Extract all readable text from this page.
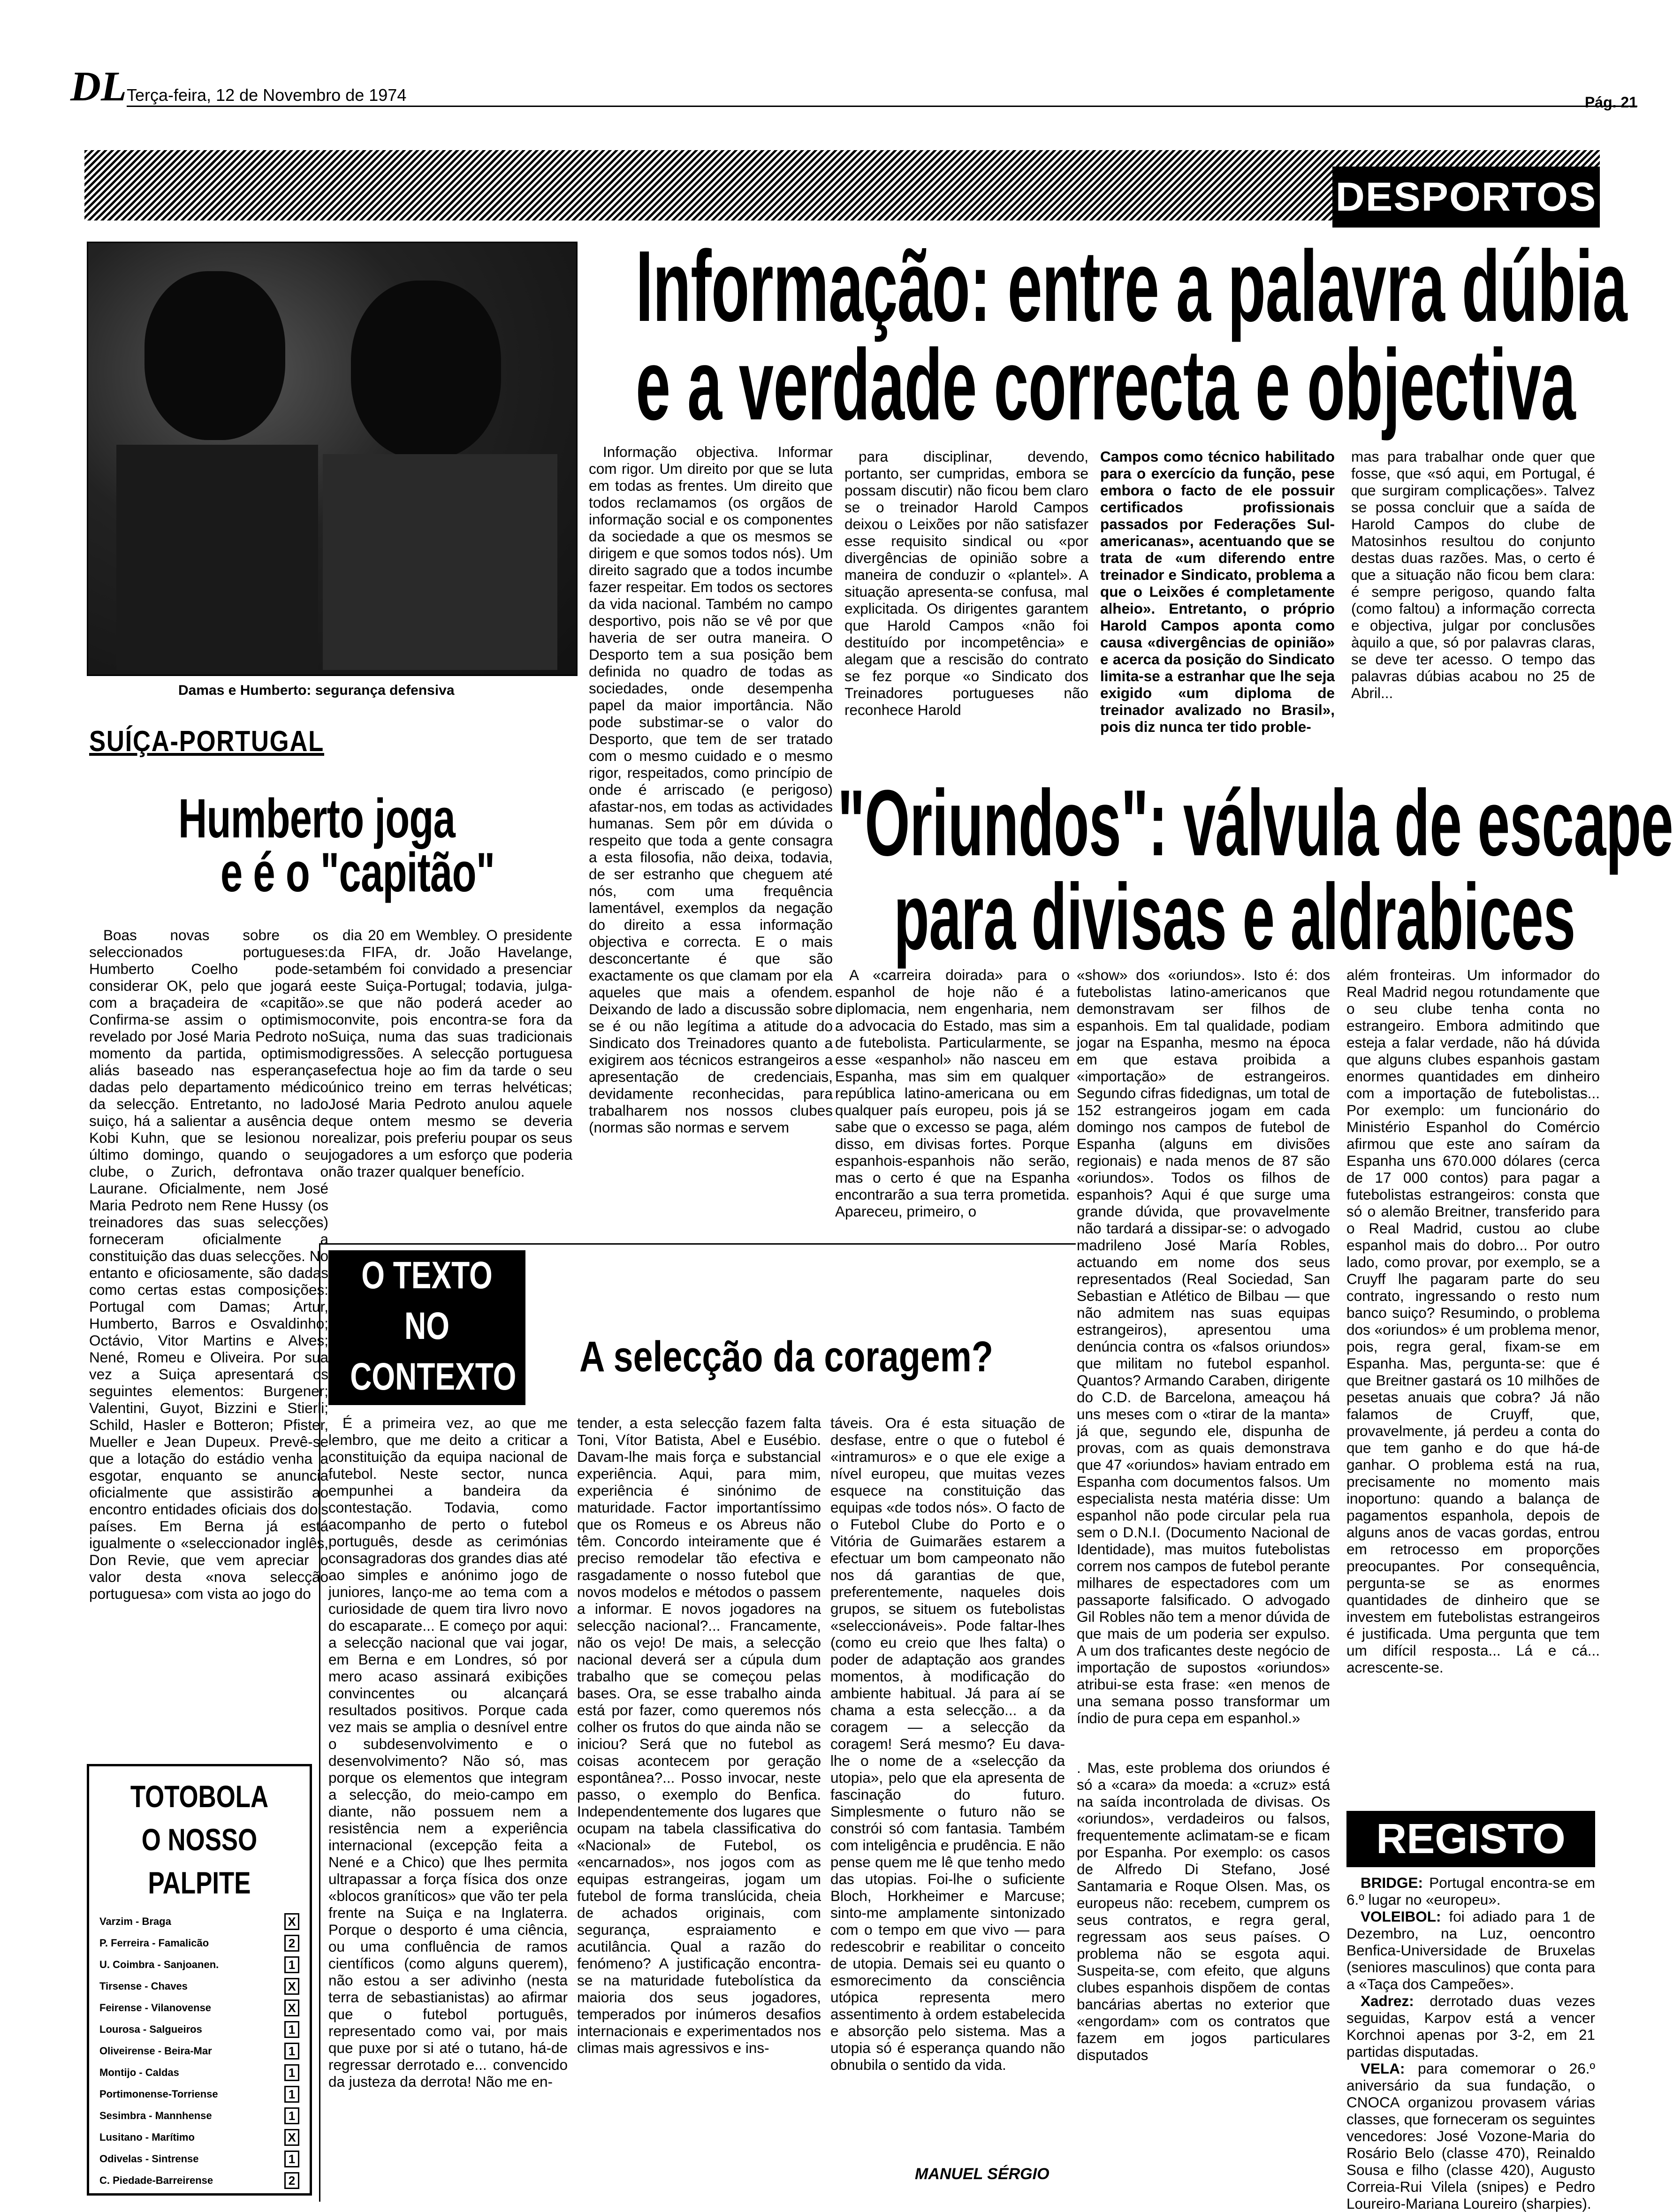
DL Terça-feira, 12 de Novembro de 1974	Pág. 21
DESPORTOS
Damas e Humberto: segurança defensiva
Informação: entre a palavra dúbia
e a verdade correcta e objectiva
Informação objectiva. Informar com rigor. Um direito por que se luta em todas as frentes. Um direito que todos reclamamos (os orgãos de informação social e os componentes da sociedade a que os mesmos se dirigem e que somos todos nós). Um direito sagrado que a todos incumbe fazer respeitar. Em todos os sectores da vida nacional. Também no campo desportivo, pois não se vê por que haveria de ser outra maneira. O Desporto tem a sua posição bem definida no quadro de todas as sociedades, onde desempenha papel da maior importância. Não pode substimar-se o valor do Desporto, que tem de ser tratado com o mesmo cuidado e o mesmo rigor, respeitados, como princípio de onde é arriscado (e perigoso) afastar-nos, em todas as actividades humanas. Sem pôr em dúvida o respeito que toda a gente consagra a esta filosofia, não deixa, todavia, de ser estranho que cheguem até nós, com uma frequência lamentável, exemplos da negação do direito a essa informação objectiva e correcta. E o mais desconcertante é que são exactamente os que clamam por ela aqueles que mais a ofendem. Deixando de lado a discussão sobre se é ou não legítima a atitude do Sindicato dos Treinadores quanto a exigirem aos técnicos estrangeiros a apresentação de credenciais, devidamente reconhecidas, para trabalharem nos nossos clubes (normas são normas e servem
para disciplinar, devendo, portanto, ser cumpridas, embora se possam discutir) não ficou bem claro se o treinador Harold Campos deixou o Leixões por não satisfazer esse requisito sindical ou «por divergências de opinião sobre a maneira de conduzir o «plantel». A situação apresenta-se confusa, mal explicitada. Os dirigentes garantem que Harold Campos «não foi destituído por incompetência» e alegam que a rescisão do contrato se fez porque «o Sindicato dos Treinadores portugueses não reconhece Harold
Campos como técnico habilitado para o exercício da função, pese embora o facto de ele possuir certificados profissionais passados por Federações Sul-americanas», acentuando que se trata de «um diferendo entre treinador e Sindicato, problema a que o Leixões é completamente alheio». Entretanto, o próprio Harold Campos aponta como causa «divergências de opinião» e acerca da posição do Sindicato limita-se a estranhar que lhe seja exigido «um diploma de treinador avalizado no Brasil», pois diz nunca ter tido proble-
mas para trabalhar onde quer que fosse, que «só aqui, em Portugal, é que surgiram complicações». Talvez se possa concluir que a saída de Harold Campos do clube de Matosinhos resultou do conjunto destas duas razões. Mas, o certo é que a situação não ficou bem clara: é sempre perigoso, quando falta (como faltou) a informação correcta e objectiva, julgar por conclusões àquilo a que, só por palavras claras, se deve ter acesso. O tempo das palavras dúbias acabou no 25 de Abril...
SUÍÇA-PORTUGAL
Humberto joga
e é o "capitão"
Boas novas sobre os seleccionados portugueses: Humberto Coelho pode-se considerar OK, pelo que jogará e com a braçadeira de «capitão». Confirma-se assim o optimismo revelado por José Maria Pedroto no momento da partida, optimismo aliás baseado nas esperanças dadas pelo departamento médico da selecção. Entretanto, no lado suiço, há a salientar a ausência de Kobi Kuhn, que se lesionou no último domingo, quando o seu clube, o Zurich, defrontava o Laurane. Oficialmente, nem José Maria Pedroto nem Rene Hussy (os treinadores das suas selecções) forneceram oficialmente a constituição das duas selecções. No entanto e oficiosamente, são dadas como certas estas composições: Portugal com Damas; Artur, Humberto, Barros e Osvaldinho; Octávio, Vitor Martins e Alves; Nené, Romeu e Oliveira. Por sua vez a Suiça apresentará os seguintes elementos: Burgener; Valentini, Guyot, Bizzini e Stierli; Schild, Hasler e Botteron; Pfister, Mueller e Jean Dupeux. Prevê-se que a lotação do estádio venha a esgotar, enquanto se anuncia oficialmente que assistirão ao encontro entidades oficiais dos dois países. Em Berna já está igualmente o «seleccionador inglês, Don Revie, que vem apreciar o valor desta «nova selecção portuguesa» com vista ao jogo do
dia 20 em Wembley. O presidente da FIFA, dr. João Havelange, também foi convidado a presenciar este Suiça-Portugal; todavia, julga-se que não poderá aceder ao convite, pois encontra-se fora da Suiça, numa das suas tradicionais digressões. A selecção portuguesa efectua hoje ao fim da tarde o seu único treino em terras helvéticas; José Maria Pedroto anulou aquele que ontem mesmo se deveria realizar, pois preferiu poupar os seus jogadores a um esforço que poderia não trazer qualquer benefício.
"Oriundos": válvula de escape
para divisas e aldrabices
A «carreira doirada» para o espanhol de hoje não é a diplomacia, nem engenharia, nem a advocacia do Estado, mas sim a de futebolista. Particularmente, se esse «espanhol» não nasceu em Espanha, mas sim em qualquer república latino-americana ou em qualquer país europeu, pois já se sabe que o excesso se paga, além disso, em divisas fortes. Porque espanhois-espanhois não serão, mas o certo é que na Espanha encontrarão a sua terra prometida. Apareceu, primeiro, o
«show» dos «oriundos». Isto é: dos futebolistas latino-americanos que demonstravam ser filhos de espanhois. Em tal qualidade, podiam jogar na Espanha, mesmo na época em que estava proibida a «importação» de estrangeiros. Segundo cifras fidedignas, um total de 152 estrangeiros jogam em cada domingo nos campos de futebol de Espanha (alguns em divisões regionais) e nada menos de 87 são «oriundos». Todos os filhos de espanhois? Aqui é que surge uma grande dúvida, que provavelmente não tardará a dissipar-se: o advogado madrileno José María Robles, actuando em nome dos seus representados (Real Sociedad, San Sebastian e Atlético de Bilbau — que não admitem nas suas equipas estrangeiros), apresentou uma denúncia contra os «falsos oriundos» que militam no futebol espanhol. Quantos? Armando Caraben, dirigente do C.D. de Barcelona, ameaçou há uns meses com o «tirar de la manta» já que, segundo ele, dispunha de provas, com as quais demonstrava que 47 «oriundos» haviam entrado em Espanha com documentos falsos. Um especialista nesta matéria disse: Um espanhol não pode circular pela rua sem o D.N.I. (Documento Nacional de Identidade), mas muitos futebolistas correm nos campos de futebol perante milhares de espectadores com um passaporte falsificado. O advogado Gil Robles não tem a menor dúvida de que mais de um poderia ser expulso. A um dos traficantes deste negócio de importação de supostos «oriundos» atribui-se esta frase: «en menos de una semana posso transformar um índio de pura cepa em espanhol.»
além fronteiras. Um informador do Real Madrid negou rotundamente que o seu clube tenha conta no estrangeiro. Embora admitindo que esteja a falar verdade, não há dúvida que alguns clubes espanhois gastam enormes quantidades em dinheiro com a importação de futebolistas... Por exemplo: um funcionário do Ministério Espanhol do Comércio afirmou que este ano saíram da Espanha uns 670.000 dólares (cerca de 17 000 contos) para pagar a futebolistas estrangeiros: consta que só o alemão Breitner, transferido para o Real Madrid, custou ao clube espanhol mais do dobro... Por outro lado, como provar, por exemplo, se a Cruyff lhe pagaram parte do seu contrato, ingressando o resto num banco suiço? Resumindo, o problema dos «oriundos» é um problema menor, pois, regra geral, fixam-se em Espanha. Mas, pergunta-se: que é que Breitner gastará os 10 milhões de pesetas anuais que cobra? Já não falamos de Cruyff, que, provavelmente, já perdeu a conta do que tem ganho e do que há-de ganhar. O problema está na rua, precisamente no momento mais inoportuno: quando a balança de pagamentos espanhola, depois de alguns anos de vacas gordas, entrou em retrocesso em proporções preocupantes. Por consequência, pergunta-se se as enormes quantidades de dinheiro que se investem em futebolistas estrangeiros é justificada. Uma pergunta que tem um difícil resposta... Lá e cá... acrescente-se.
. Mas, este problema dos oriundos é só a «cara» da moeda: a «cruz» está na saída incontrolada de divisas. Os «oriundos», verdadeiros ou falsos, frequentemente aclimatam-se e ficam por Espanha. Por exemplo: os casos de Alfredo Di Stefano, José Santamaria e Roque Olsen. Mas, os europeus não: recebem, cumprem os seus contratos, e regra geral, regressam aos seus países. O problema não se esgota aqui. Suspeita-se, com efeito, que alguns clubes espanhois dispõem de contas bancárias abertas no exterior que «engordam» com os contratos que fazem em jogos particulares disputados
O TEXTO
NO
CONTEXTO A selecção da coragem?
É a primeira vez, ao que me lembro, que me deito a criticar a constituição da equipa nacional de futebol. Neste sector, nunca empunhei a bandeira da contestação. Todavia, como acompanho de perto o futebol português, desde as cerimónias consagradoras dos grandes dias até ao simples e anónimo jogo de juniores, lanço-me ao tema com a curiosidade de quem tira livro novo do escaparate... E começo por aqui: a selecção nacional que vai jogar, em Berna e em Londres, só por mero acaso assinará exibições convincentes ou alcançará resultados positivos. Porque cada vez mais se amplia o desnível entre o subdesenvolvimento e o desenvolvimento? Não só, mas porque os elementos que integram a selecção, do meio-campo em diante, não possuem nem a resistência nem a experiência internacional (excepção feita a Nené e a Chico) que lhes permita ultrapassar a força física dos onze «blocos graníticos» que vão ter pela frente na Suiça e na Inglaterra. Porque o desporto é uma ciência, ou uma confluência de ramos científicos (como alguns querem), não estou a ser adivinho (nesta terra de sebastianistas) ao afirmar que o futebol português, representado como vai, por mais que puxe por si até o tutano, há-de regressar derrotado e... convencido da justeza da derrota! Não me en-
tender, a esta selecção fazem falta Toni, Vítor Batista, Abel e Eusébio. Davam-lhe mais força e substancial experiência. Aqui, para mim, experiência é sinónimo de maturidade. Factor importantíssimo que os Romeus e os Abreus não têm. Concordo inteiramente que é preciso remodelar tão efectiva e rasgadamente o nosso futebol que novos modelos e métodos o passem a informar. E novos jogadores na selecção nacional?... Francamente, não os vejo! De mais, a selecção nacional deverá ser a cúpula dum trabalho que se começou pelas bases. Ora, se esse trabalho ainda está por fazer, como queremos nós colher os frutos do que ainda não se iniciou? Será que no futebol as coisas acontecem por geração espontânea?... Posso invocar, neste passo, o exemplo do Benfica. Independentemente dos lugares que ocupam na tabela classificativa do «Nacional» de Futebol, os «encarnados», nos jogos com as equipas estrangeiras, jogam um futebol de forma translúcida, cheia de achados originais, com segurança, espraiamento e acutilância. Qual a razão do fenómeno? A justificação encontra-se na maturidade futebolística da maioria dos seus jogadores, temperados por inúmeros desafios internacionais e experimentados nos climas mais agressivos e ins-
táveis. Ora é esta situação de desfase, entre o que o futebol é «intramuros» e o que ele exige a nível europeu, que muitas vezes esquece na constituição das equipas «de todos nós». O facto de o Futebol Clube do Porto e o Vitória de Guimarães estarem a efectuar um bom campeonato não nos dá garantias de que, preferentemente, naqueles dois grupos, se situem os futebolistas «seleccionáveis». Pode faltar-lhes (como eu creio que lhes falta) o poder de adaptação aos grandes momentos, à modificação do ambiente habitual. Já para aí se chama a esta selecção... a da coragem — a selecção da coragem! Será mesmo? Eu dava-lhe o nome de a «selecção da utopia», pelo que ela apresenta de fascinação do futuro. Simplesmente o futuro não se constrói só com fantasia. Também com inteligência e prudência. E não pense quem me lê que tenho medo das utopias. Foi-lhe o suficiente Bloch, Horkheimer e Marcuse; sinto-me amplamente sintonizado com o tempo em que vivo — para redescobrir e reabilitar o conceito de utopia. Demais sei eu quanto o esmorecimento da consciência utópica representa mero assentimento à ordem estabelecida e absorção pelo sistema. Mas a utopia só é esperança quando não obnubila o sentido da vida.
MANUEL SÉRGIO
TOTOBOLA
O NOSSO
PALPITE
Varzim - Braga	X
P. Ferreira - Famalicão	2
U. Coimbra - Sanjoanen.	1
Tirsense - Chaves	X
Feirense - Vilanovense	X
Lourosa - Salgueiros	1
Oliveirense - Beira-Mar	1
Montijo - Caldas	1
Portimonense-Torriense	1
Sesimbra - Mannhense	1
Lusitano - Marítimo	X
Odivelas - Sintrense	1
C. Piedade-Barreirense	2
REGISTO
BRIDGE: Portugal encontra-se em 6.º lugar no «europeu».
VOLEIBOL: foi adiado para 1 de Dezembro, na Luz, oencontro Benfica-Universidade de Bruxelas (seniores masculinos) que conta para a «Taça dos Campeões».
Xadrez: derrotado duas vezes seguidas, Karpov está a vencer Korchnoi apenas por 3-2, em 21 partidas disputadas.
VELA: para comemorar o 26.º aniversário da sua fundação, o CNOCA organizou provasem várias classes, que forneceram os seguintes vencedores: José Vozone-Maria do Rosário Belo (classe 470), Reinaldo Sousa e filho (classe 420), Augusto Correia-Rui Vilela (snipes) e Pedro Loureiro-Mariana Loureiro (sharpies).
